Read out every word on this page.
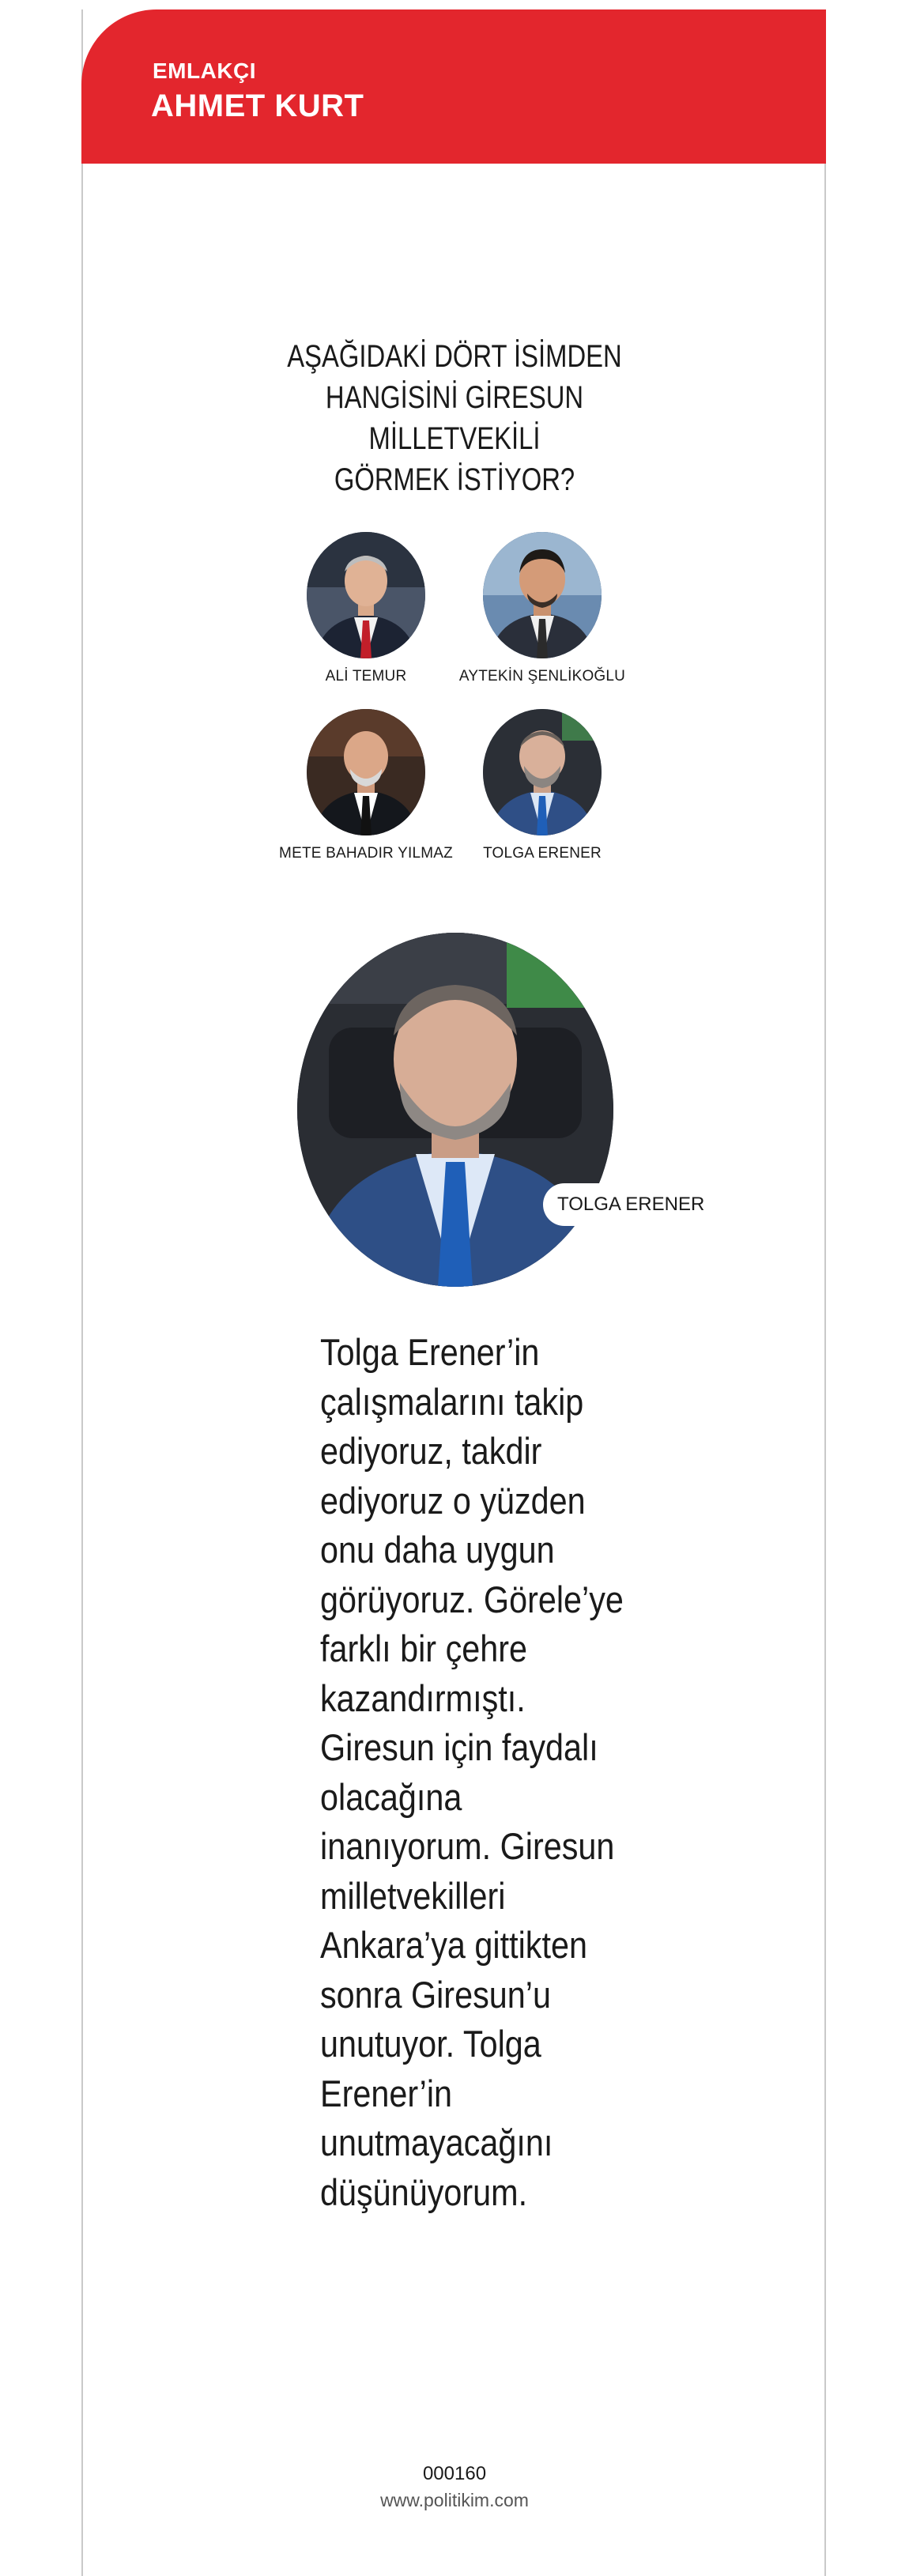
EMLAKÇI
AHMET KURT
AŞAĞIDAKİ DÖRT İSİMDEN
HANGİSİNİ GİRESUN MİLLETVEKİLİ
GÖRMEK İSTİYOR?
ALİ TEMUR	AYTEKİN ŞENLİKOĞLU
METE BAHADIR YILMAZ	TOLGA ERENER
TOLGA ERENER
Tolga Erener’in
çalışmalarını takip
ediyoruz, takdir
ediyoruz o yüzden
onu daha uygun
görüyoruz. Görele’ye
farklı bir çehre
kazandırmıştı.
Giresun için faydalı
olacağına
inanıyorum. Giresun
milletvekilleri
Ankara’ya gittikten
sonra Giresun’u
unutuyor. Tolga
Erener’in
unutmayacağını
düşünüyorum.
000160
www.politikim.com
